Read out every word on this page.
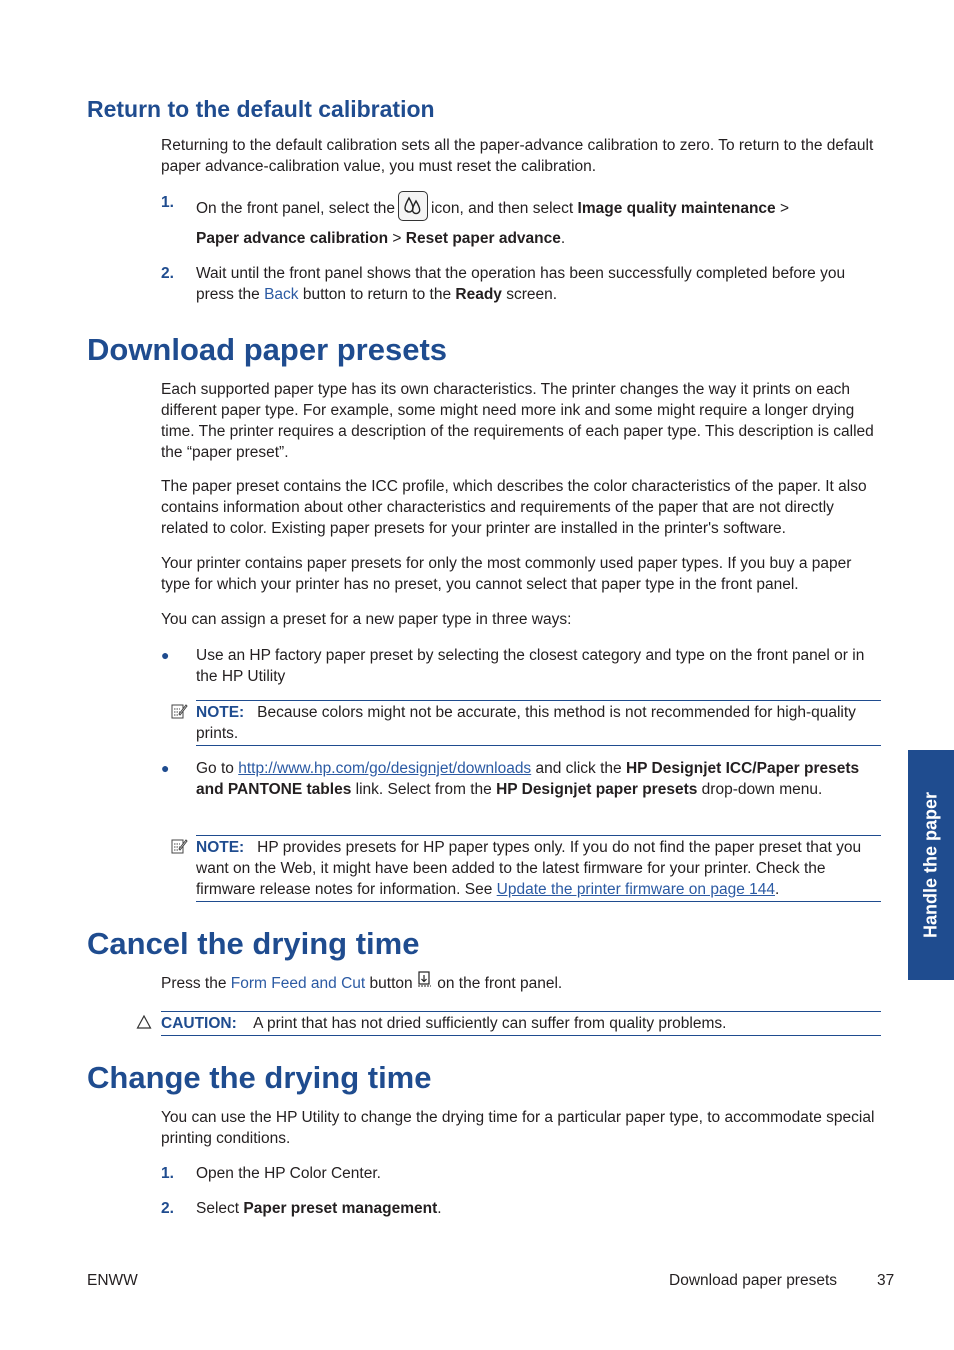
Return to the default calibration
Returning to the default calibration sets all the paper-advance calibration to zero. To return to the default paper advance-calibration value, you must reset the calibration.
1.	On the front panel, select the icon, and then select Image quality maintenance >
Paper advance calibration > Reset paper advance.
2.	Wait until the front panel shows that the operation has been successfully completed before you press the Back button to return to the Ready screen.
Download paper presets
Each supported paper type has its own characteristics. The printer changes the way it prints on each different paper type. For example, some might need more ink and some might require a longer drying time. The printer requires a description of the requirements of each paper type. This description is called the “paper preset”.
The paper preset contains the ICC profile, which describes the color characteristics of the paper. It also contains information about other characteristics and requirements of the paper that are not directly related to color. Existing paper presets for your printer are installed in the printer's software.
Your printer contains paper presets for only the most commonly used paper types. If you buy a paper type for which your printer has no preset, you cannot select that paper type in the front panel.
You can assign a preset for a new paper type in three ways:
● Use an HP factory paper preset by selecting the closest category and type on the front panel or in the HP Utility
NOTE: Because colors might not be accurate, this method is not recommended for high-quality prints.
● Go to http://www.hp.com/go/designjet/downloads and click the HP Designjet ICC/Paper presets and PANTONE tables link. Select from the HP Designjet paper presets drop-down menu.
NOTE: HP provides presets for HP paper types only. If you do not find the paper preset that you want on the Web, it might have been added to the latest firmware for your printer. Check the firmware release notes for information. See Update the printer firmware on page 144.
Cancel the drying time
Press the Form Feed and Cut button on the front panel.
CAUTION: A print that has not dried sufficiently can suffer from quality problems.
Change the drying time
You can use the HP Utility to change the drying time for a particular paper type, to accommodate special printing conditions.
1.	Open the HP Color Center.
2.	Select Paper preset management.
Handle the paper
ENWW	Download paper presets	37
